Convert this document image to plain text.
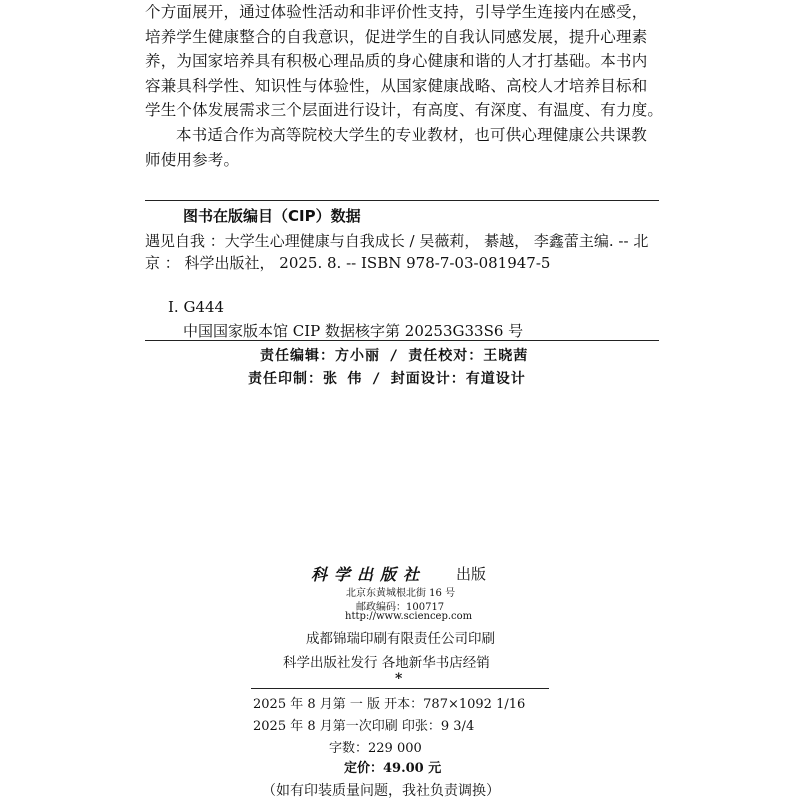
个方面展开，通过体验性活动和非评价性支持，引导学生连接内在感受，

培养学生健康整合的自我意识，促进学生的自我认同感发展，提升心理素

养，为国家培养具有积极心理品质的身心健康和谐的人才打基础。本书内

容兼具科学性、知识性与体验性，从国家健康战略、高校人才培养目标和

学生个体发展需求三个层面进行设计，有高度、有深度、有温度、有力度。

本书适合作为高等院校大学生的专业教材，也可供心理健康公共课教

师使用参考。

图书在版编目（CIP）数据
遇见自我 ：大学生心理健康与自我成长 / 吴薇莉， 綦越， 李鑫蕾主编. -- 北京 ： 科学出版社， 2025. 8. -- ISBN 978-7-03-081947-5
Ⅰ. G444
中国国家版本馆 CIP 数据核字第 20253G33S6 号
责任编辑：方小丽 / 责任校对：王晓茜
责任印制：张 伟 / 封面设计：有道设计
科学出版社 出版
北京东黄城根北街 16 号
邮政编码：100717
http://www.sciencep.com
成都锦瑞印刷有限责任公司印刷
科学出版社发行 各地新华书店经销
*
2025 年 8 月第 一 版 开本：787×1092 1/16
2025 年 8 月第一次印刷 印张：9 3/4
字数：229 000
定价：49.00 元
（如有印装质量问题，我社负责调换）
